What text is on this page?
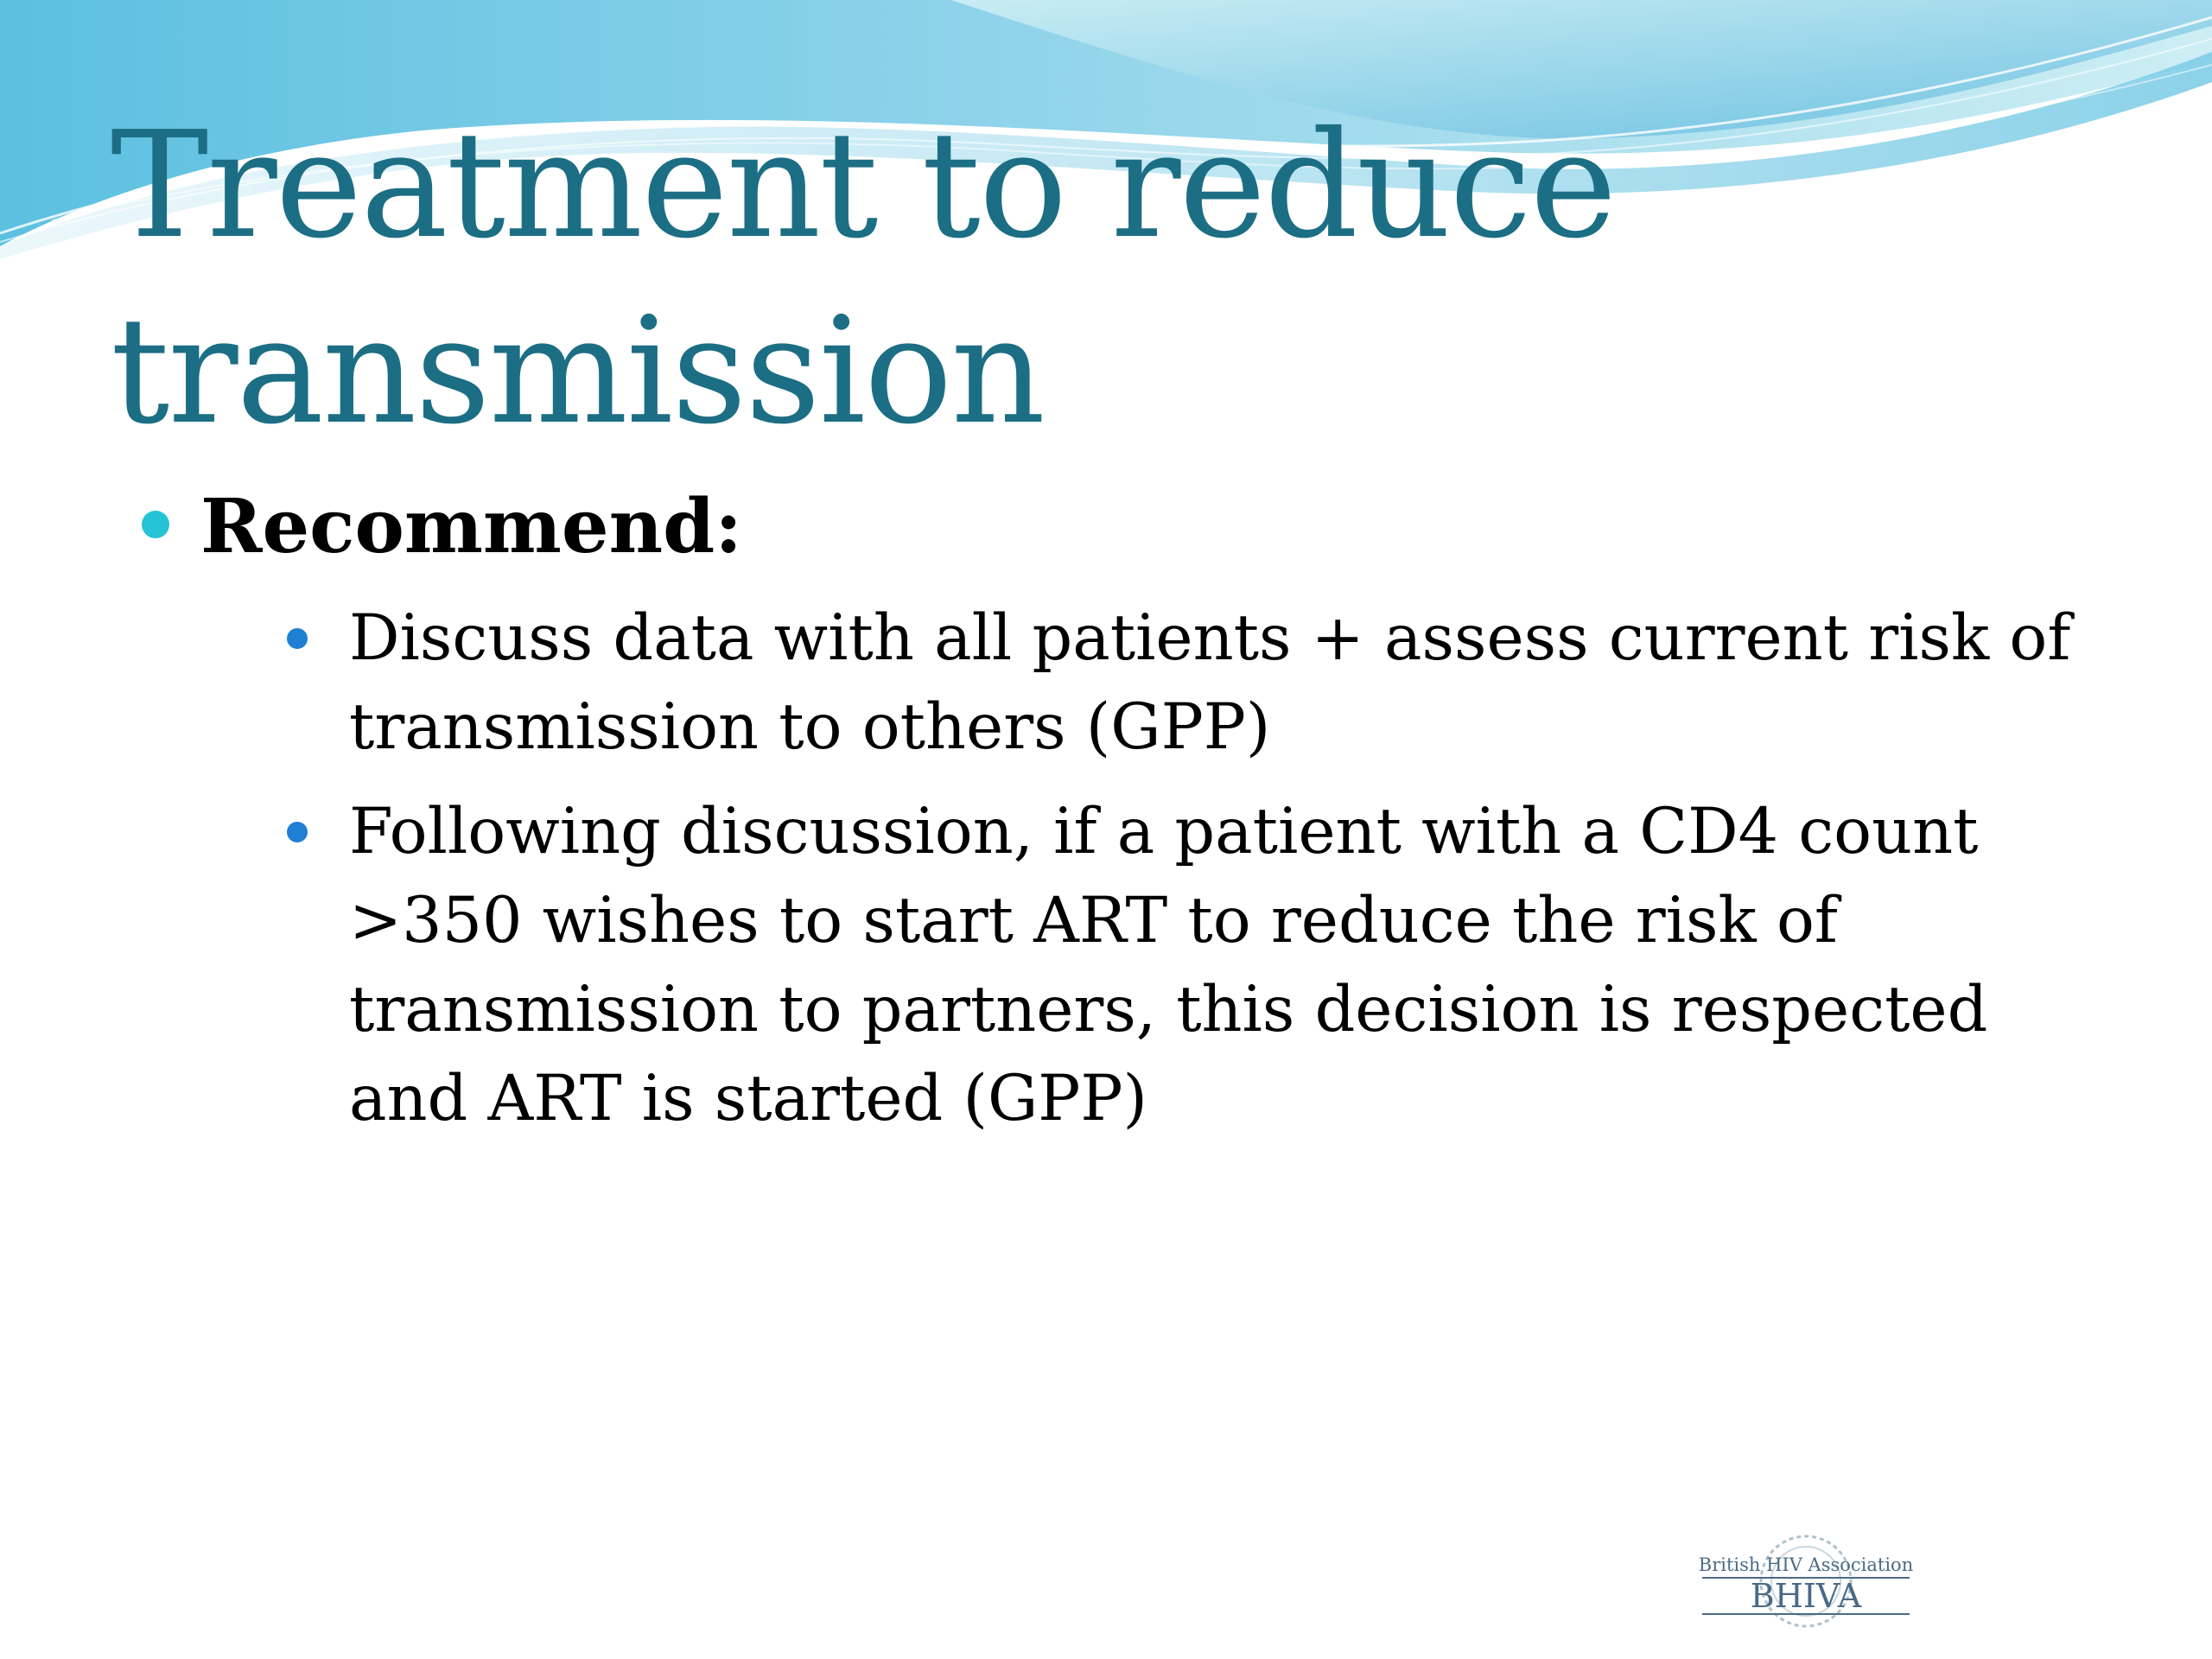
Treatment to reduce
transmission
Recommend:
Discuss data with all patients + assess current risk of transmission to others (GPP)
Following discussion, if a patient with a CD4 count >350 wishes to start ART to reduce the risk of transmission to partners, this decision is respected and ART is started (GPP)
British HIV Association
BHIVA
